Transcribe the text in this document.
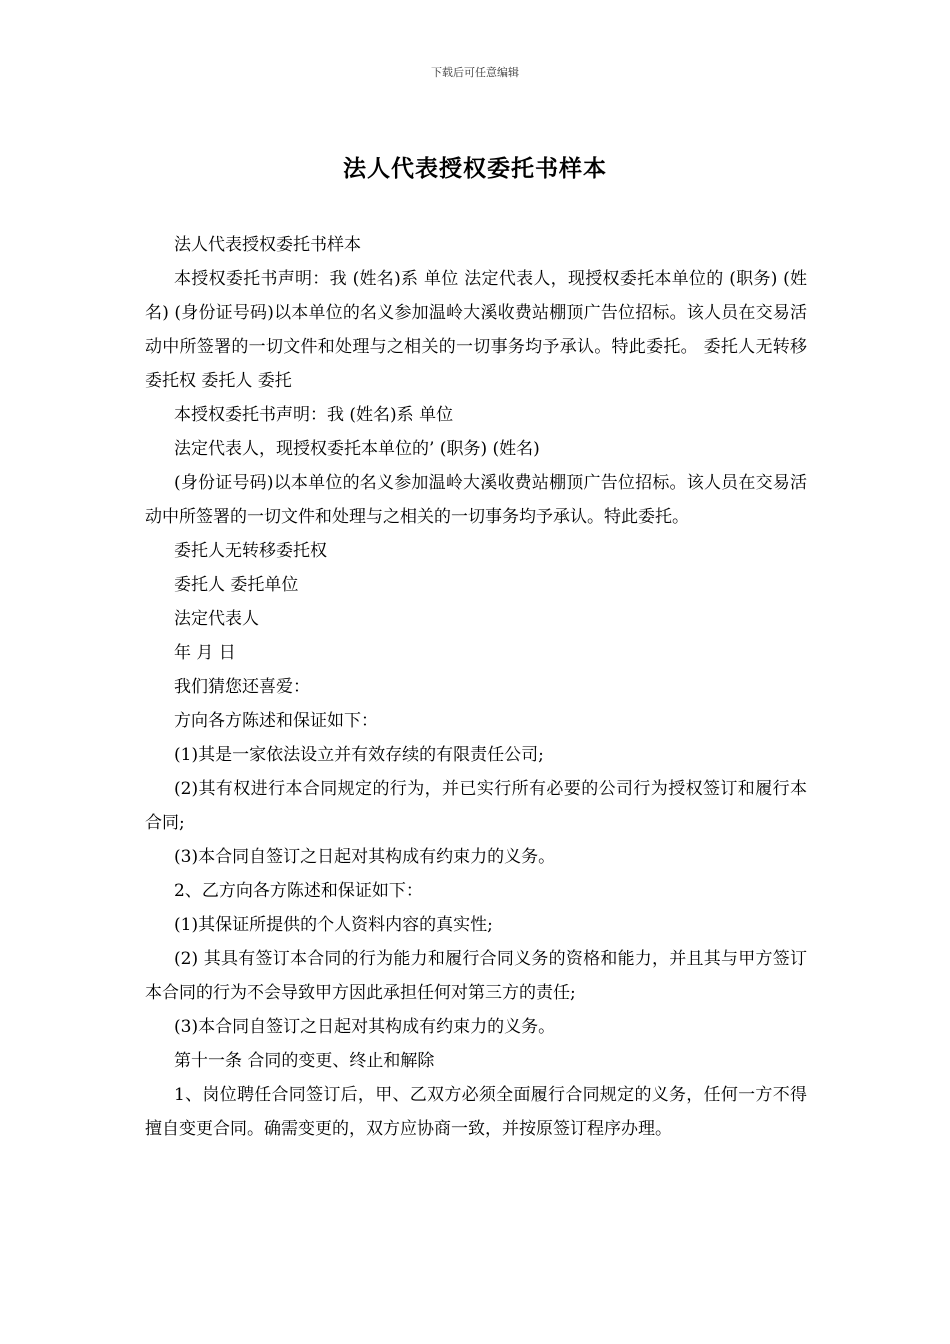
下载后可任意编辑
法人代表授权委托书样本

法人代表授权委托书样本

本授权委托书声明：我 (姓名)系 单位 法定代表人，现授权委托本单位的 (职务) (姓名) (身份证号码)以本单位的名义参加温岭大溪收费站棚顶广告位招标。该人员在交易活动中所签署的一切文件和处理与之相关的一切事务均予承认。特此委托。 委托人无转移委托权 委托人 委托

本授权委托书声明：我 (姓名)系 单位

法定代表人，现授权委托本单位的’ (职务) (姓名)

(身份证号码)以本单位的名义参加温岭大溪收费站棚顶广告位招标。该人员在交易活动中所签署的一切文件和处理与之相关的一切事务均予承认。特此委托。

委托人无转移委托权

委托人 委托单位

法定代表人

年 月 日

我们猜您还喜爱：

方向各方陈述和保证如下：

(1)其是一家依法设立并有效存续的有限责任公司;

(2)其有权进行本合同规定的行为，并已实行所有必要的公司行为授权签订和履行本合同;

(3)本合同自签订之日起对其构成有约束力的义务。

2、乙方向各方陈述和保证如下：

(1)其保证所提供的个人资料内容的真实性;

(2) 其具有签订本合同的行为能力和履行合同义务的资格和能力，并且其与甲方签订本合同的行为不会导致甲方因此承担任何对第三方的责任;

(3)本合同自签订之日起对其构成有约束力的义务。

第十一条 合同的变更、终止和解除

1、岗位聘任合同签订后，甲、乙双方必须全面履行合同规定的义务，任何一方不得擅自变更合同。确需变更的，双方应协商一致，并按原签订程序办理。
